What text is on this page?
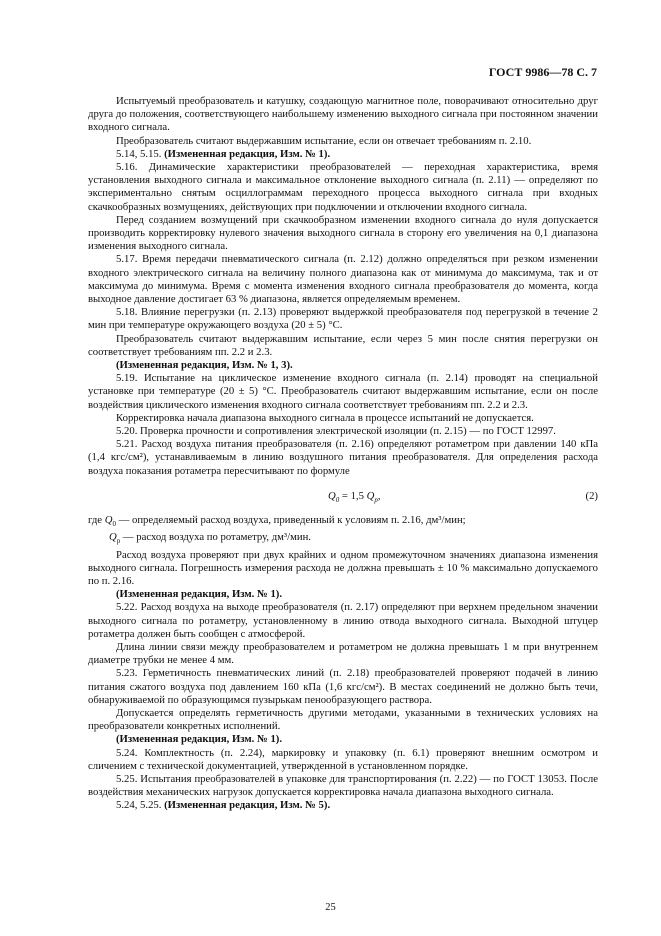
ГОСТ 9986—78 С. 7

Испытуемый преобразователь и катушку, создающую магнитное поле, поворачивают относительно друг друга до положения, соответствующего наибольшему изменению выходного сигнала при постоянном значении входного сигнала.

Преобразователь считают выдержавшим испытание, если он отвечает требованиям п. 2.10.

5.14, 5.15. (Измененная редакция, Изм. № 1).

5.16. Динамические характеристики преобразователей — переходная характеристика, время установления выходного сигнала и максимальное отклонение выходного сигнала (п. 2.11) — определяют по экспериментально снятым осциллограммам переходного процесса выходного сигнала при входных скачкообразных возмущениях, действующих при подключении и отключении входного сигнала.

Перед созданием возмущений при скачкообразном изменении входного сигнала до нуля допускается производить корректировку нулевого значения выходного сигнала в сторону его увеличения на 0,1 диапазона изменения выходного сигнала.

5.17. Время передачи пневматического сигнала (п. 2.12) должно определяться при резком изменении входного электрического сигнала на величину полного диапазона как от минимума до максимума, так и от максимума до минимума. Время с момента изменения входного сигнала преобразователя до момента, когда выходное давление достигает 63 % диапазона, является определяемым временем.

5.18. Влияние перегрузки (п. 2.13) проверяют выдержкой преобразователя под перегрузкой в течение 2 мин при температуре окружающего воздуха (20 ± 5) °С.

Преобразователь считают выдержавшим испытание, если через 5 мин после снятия перегрузки он соответствует требованиям пп. 2.2 и 2.3.

(Измененная редакция, Изм. № 1, 3).

5.19. Испытание на циклическое изменение входного сигнала (п. 2.14) проводят на специальной установке при температуре (20 ± 5) °С. Преобразователь считают выдержавшим испытание, если он после воздействия циклического изменения входного сигнала соответствует требованиям пп. 2.2 и 2.3.

Корректировка начала диапазона выходного сигнала в процессе испытаний не допускается.

5.20. Проверка прочности и сопротивления электрической изоляции (п. 2.15) — по ГОСТ 12997.

5.21. Расход воздуха питания преобразователя (п. 2.16) определяют ротаметром при давлении 140 кПа (1,4 кгс/см²), устанавливаемым в линию воздушного питания преобразователя. Для определения расхода воздуха показания ротаметра пересчитывают по формуле

$Q_0 = 1,5$ $Q_р$,	(2)

где $Q_0$ — определяемый расход воздуха, приведенный к условиям п. 2.16, дм³/мин;

$Q_р$ — расход воздуха по ротаметру, дм³/мин.

Расход воздуха проверяют при двух крайних и одном промежуточном значениях диапазона изменения выходного сигнала. Погрешность измерения расхода не должна превышать ± 10 % максимально допускаемого по п. 2.16.

(Измененная редакция, Изм. № 1).

5.22. Расход воздуха на выходе преобразователя (п. 2.17) определяют при верхнем предельном значении выходного сигнала по ротаметру, установленному в линию отвода выходного сигнала. Выходной штуцер ротаметра должен быть сообщен с атмосферой.

Длина линии связи между преобразователем и ротаметром не должна превышать 1 м при внутреннем диаметре трубки не менее 4 мм.

5.23. Герметичность пневматических линий (п. 2.18) преобразователей проверяют подачей в линию питания сжатого воздуха под давлением 160 кПа (1,6 кгс/см²). В местах соединений не должно быть течи, обнаруживаемой по образующимся пузырькам пенообразующего раствора.

Допускается определять герметичность другими методами, указанными в технических условиях на преобразователи конкретных исполнений.

(Измененная редакция, Изм. № 1).

5.24. Комплектность (п. 2.24), маркировку и упаковку (п. 6.1) проверяют внешним осмотром и сличением с технической документацией, утвержденной в установленном порядке.

5.25. Испытания преобразователей в упаковке для транспортирования (п. 2.22) — по ГОСТ 13053. После воздействия механических нагрузок допускается корректировка начала диапазона выходного сигнала.

5.24, 5.25. (Измененная редакция, Изм. № 5).

25
